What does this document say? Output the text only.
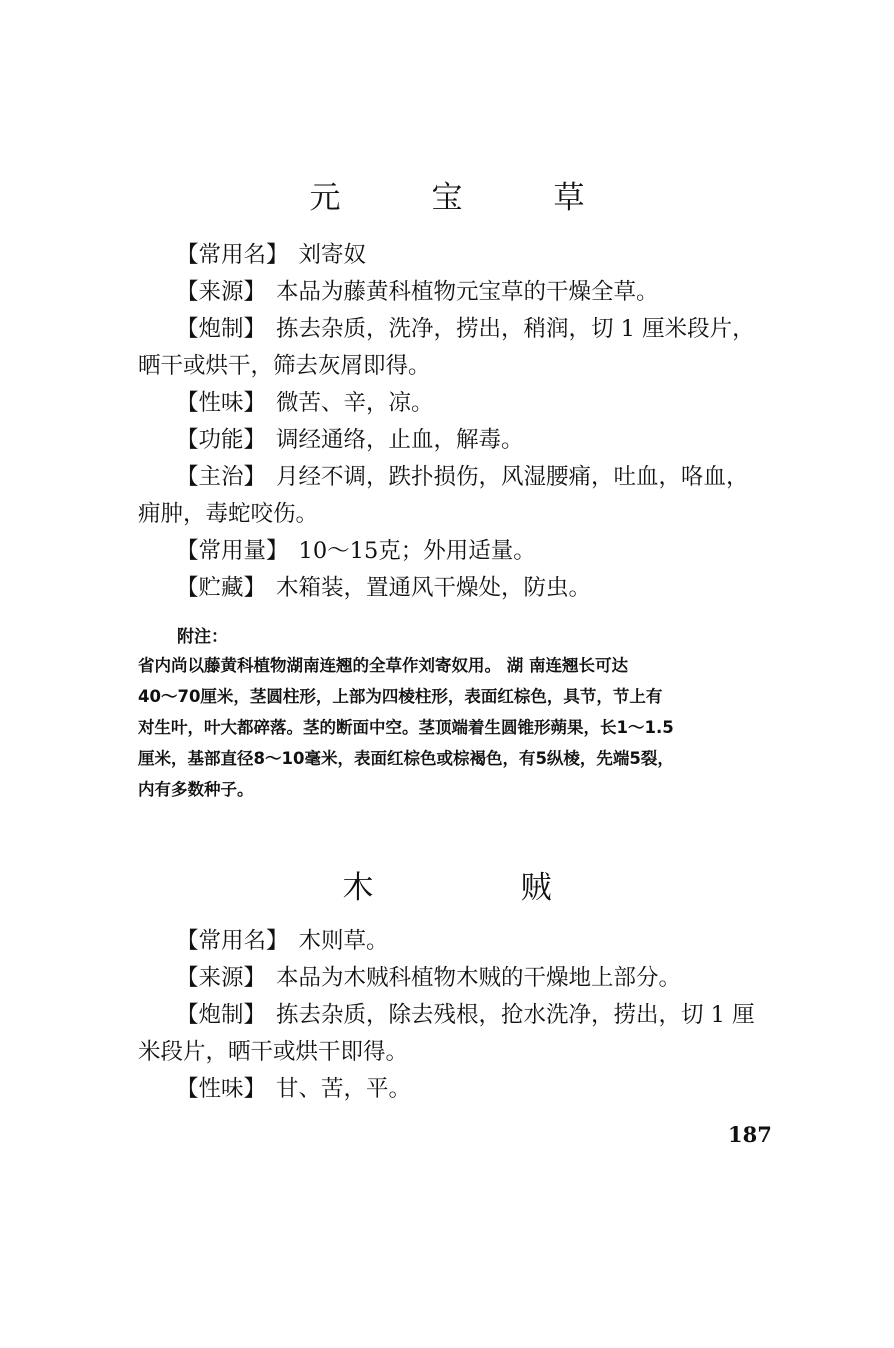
元　宝　草
【常用名】 刘寄奴
【来源】 本品为藤黄科植物元宝草的干燥全草。
【炮制】 拣去杂质，洗净，捞出，稍润，切 1 厘米段片，
晒干或烘干，筛去灰屑即得。
【性味】 微苦、辛，凉。
【功能】 调经通络，止血，解毒。
【主治】 月经不调，跌扑损伤，风湿腰痛，吐血，咯血，
痈肿，毒蛇咬伤。
【常用量】 10～15克；外用适量。
【贮藏】 木箱装，置通风干燥处，防虫。
附注：
省内尚以藤黄科植物湖南连翘的全草作刘寄奴用。 湖 南连翘长可达
40～70厘米，茎圆柱形，上部为四棱柱形，表面红棕色，具节，节上有
对生叶，叶大都碎落。茎的断面中空。茎顶端着生圆锥形蒴果，长1～1.5
厘米，基部直径8～10毫米，表面红棕色或棕褐色，有5纵棱，先端5裂，
内有多数种子。
木　贼
【常用名】 木则草。
【来源】 本品为木贼科植物木贼的干燥地上部分。
【炮制】 拣去杂质，除去残根，抢水洗净，捞出，切 1 厘
米段片，晒干或烘干即得。
【性味】 甘、苦，平。
187
